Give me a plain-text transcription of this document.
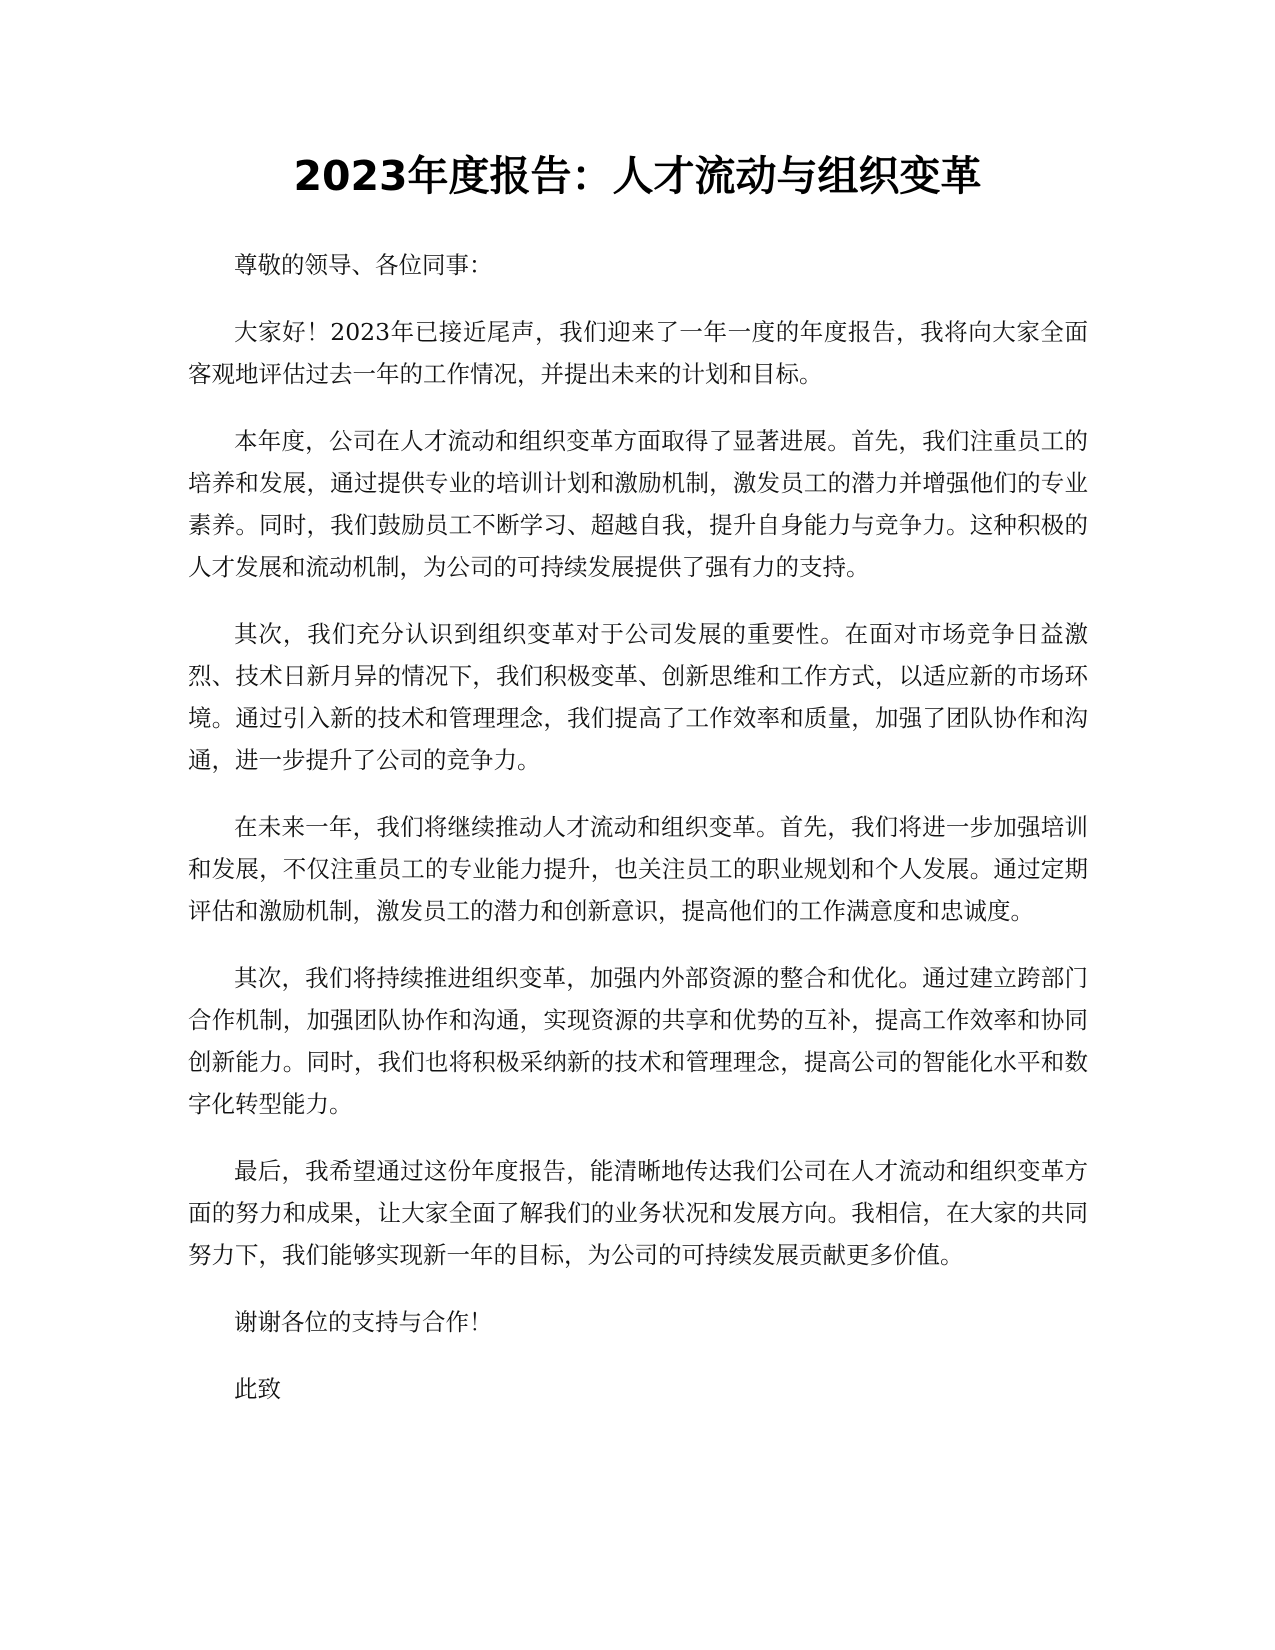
2023年度报告：人才流动与组织变革

尊敬的领导、各位同事：

大家好！2023年已接近尾声，我们迎来了一年一度的年度报告，我将向大家全面客观地评估过去一年的工作情况，并提出未来的计划和目标。

本年度，公司在人才流动和组织变革方面取得了显著进展。首先，我们注重员工的培养和发展，通过提供专业的培训计划和激励机制，激发员工的潜力并增强他们的专业素养。同时，我们鼓励员工不断学习、超越自我，提升自身能力与竞争力。这种积极的人才发展和流动机制，为公司的可持续发展提供了强有力的支持。

其次，我们充分认识到组织变革对于公司发展的重要性。在面对市场竞争日益激烈、技术日新月异的情况下，我们积极变革、创新思维和工作方式，以适应新的市场环境。通过引入新的技术和管理理念，我们提高了工作效率和质量，加强了团队协作和沟通，进一步提升了公司的竞争力。

在未来一年，我们将继续推动人才流动和组织变革。首先，我们将进一步加强培训和发展，不仅注重员工的专业能力提升，也关注员工的职业规划和个人发展。通过定期评估和激励机制，激发员工的潜力和创新意识，提高他们的工作满意度和忠诚度。

其次，我们将持续推进组织变革，加强内外部资源的整合和优化。通过建立跨部门合作机制，加强团队协作和沟通，实现资源的共享和优势的互补，提高工作效率和协同创新能力。同时，我们也将积极采纳新的技术和管理理念，提高公司的智能化水平和数字化转型能力。

最后，我希望通过这份年度报告，能清晰地传达我们公司在人才流动和组织变革方面的努力和成果，让大家全面了解我们的业务状况和发展方向。我相信，在大家的共同努力下，我们能够实现新一年的目标，为公司的可持续发展贡献更多价值。

谢谢各位的支持与合作！

此致
